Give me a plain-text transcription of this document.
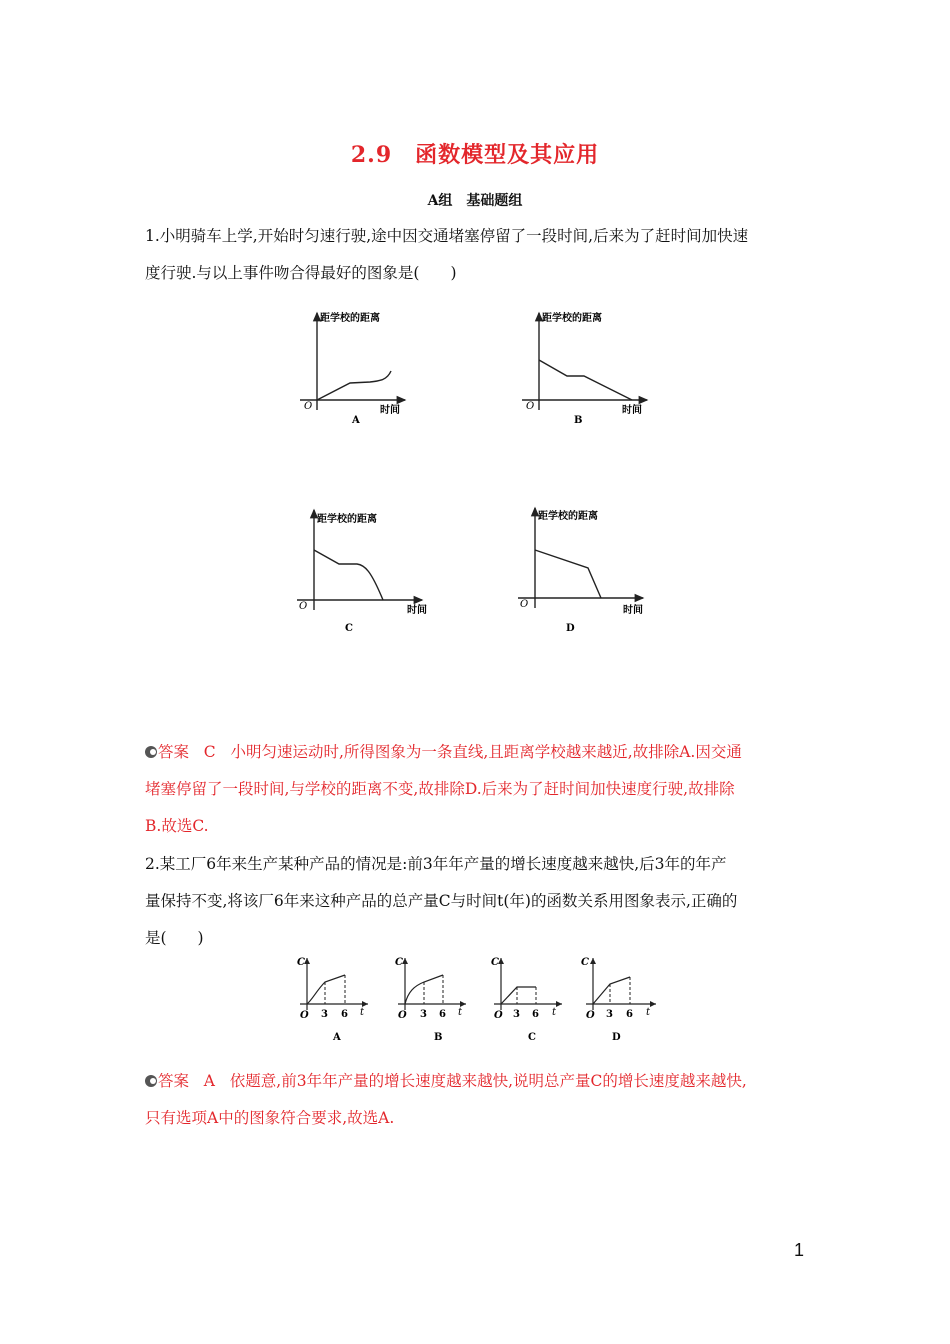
2.9　函数模型及其应用
A组　基础题组
1.小明骑车上学,开始时匀速行驶,途中因交通堵塞停留了一段时间,后来为了赶时间加快速
度行驶.与以上事件吻合得最好的图象是(　　)
O
距学校的距离
时间
A
O
距学校的距离
时间
B
O
距学校的距离
时间
C
O
距学校的距离
时间
D
答案 C 小明匀速运动时,所得图象为一条直线,且距离学校越来越近,故排除A.因交通
堵塞停留了一段时间,与学校的距离不变,故排除D.后来为了赶时间加快速度行驶,故排除
B.故选C.
2.某工厂6年来生产某种产品的情况是:前3年年产量的增长速度越来越快,后3年的年产
量保持不变,将该厂6年来这种产品的总产量C与时间t(年)的函数关系用图象表示,正确的
是(　　)
C
O 3 6 t
A
C
O 3 6 t
B
C
O 3 6 t
C
C
O 3 6 t
D
答案 A 依题意,前3年年产量的增长速度越来越快,说明总产量C的增长速度越来越快,
只有选项A中的图象符合要求,故选A.
1
